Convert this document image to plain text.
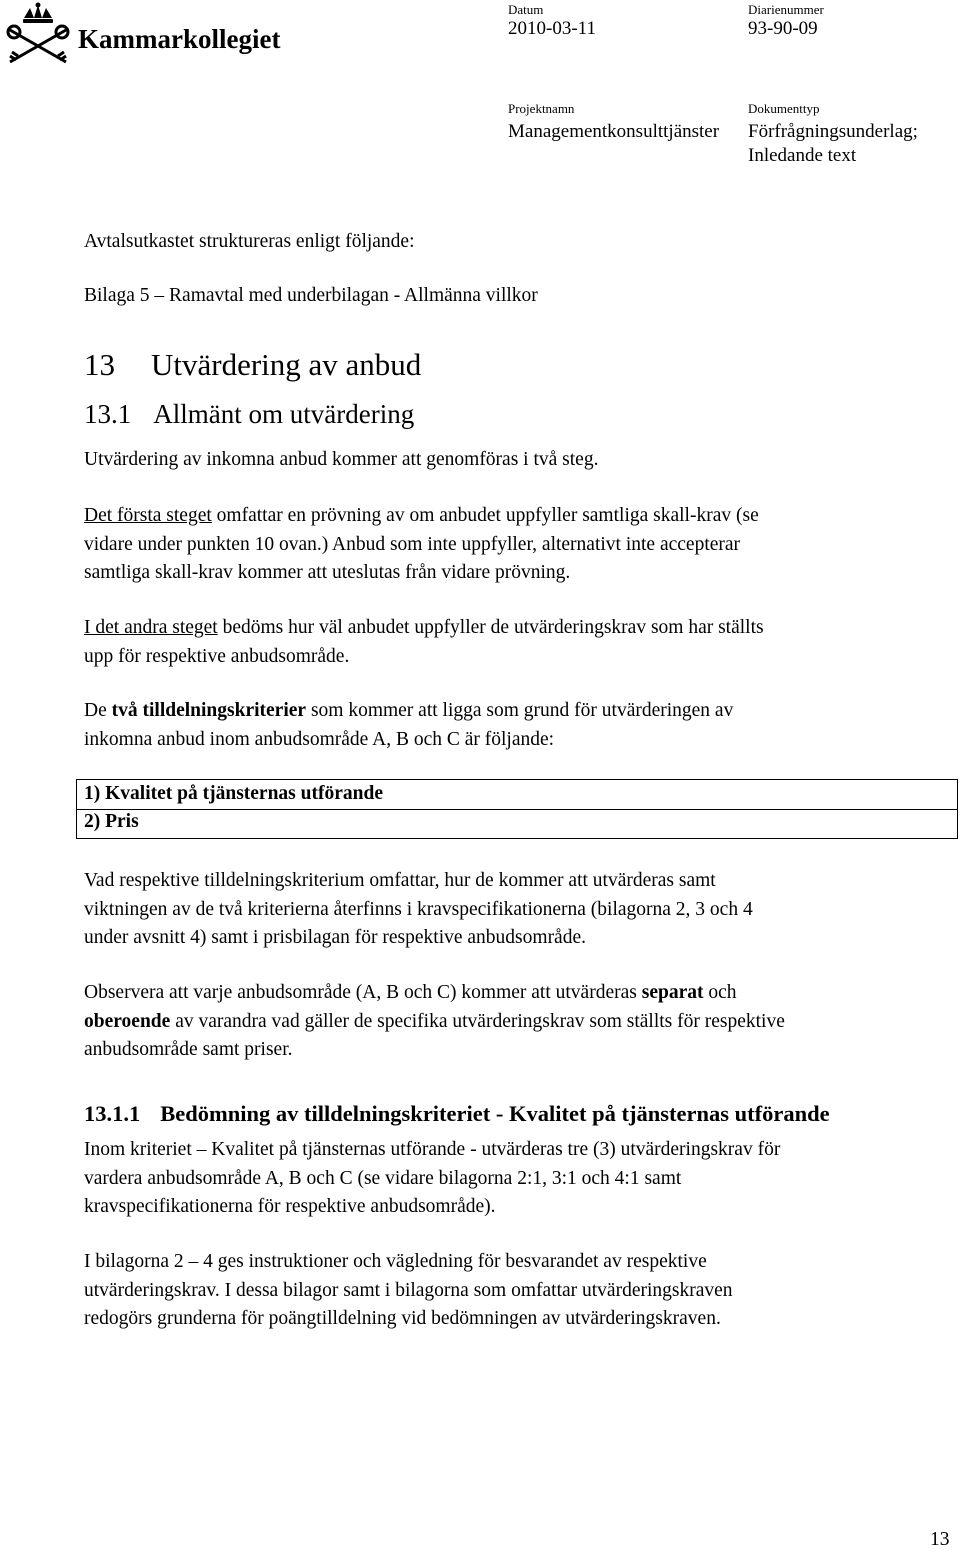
Kammarkollegiet
Datum
2010-03-11
Diarienummer
93-90-09
Projektnamn
Managementkonsulttjänster
Dokumenttyp
Förfrågningsunderlag;
Inledande text
Avtalsutkastet struktureras enligt följande:
Bilaga 5 – Ramavtal med underbilagan - Allmänna villkor
13 Utvärdering av anbud
13.1 Allmänt om utvärdering
Utvärdering av inkomna anbud kommer att genomföras i två steg.
Det första steget omfattar en prövning av om anbudet uppfyller samtliga skall-krav (se
vidare under punkten 10 ovan.) Anbud som inte uppfyller, alternativt inte accepterar
samtliga skall-krav kommer att uteslutas från vidare prövning.
I det andra steget bedöms hur väl anbudet uppfyller de utvärderingskrav som har ställts
upp för respektive anbudsområde.
De två tilldelningskriterier som kommer att ligga som grund för utvärderingen av
inkomna anbud inom anbudsområde A, B och C är följande:
1) Kvalitet på tjänsternas utförande
2) Pris
Vad respektive tilldelningskriterium omfattar, hur de kommer att utvärderas samt
viktningen av de två kriterierna återfinns i kravspecifikationerna (bilagorna 2, 3 och 4
under avsnitt 4) samt i prisbilagan för respektive anbudsområde.
Observera att varje anbudsområde (A, B och C) kommer att utvärderas separat och
oberoende av varandra vad gäller de specifika utvärderingskrav som ställts för respektive
anbudsområde samt priser.
13.1.1 Bedömning av tilldelningskriteriet - Kvalitet på tjänsternas utförande
Inom kriteriet – Kvalitet på tjänsternas utförande - utvärderas tre (3) utvärderingskrav för
vardera anbudsområde A, B och C (se vidare bilagorna 2:1, 3:1 och 4:1 samt
kravspecifikationerna för respektive anbudsområde).
I bilagorna 2 – 4 ges instruktioner och vägledning för besvarandet av respektive
utvärderingskrav. I dessa bilagor samt i bilagorna som omfattar utvärderingskraven
redogörs grunderna för poängtilldelning vid bedömningen av utvärderingskraven.
13
